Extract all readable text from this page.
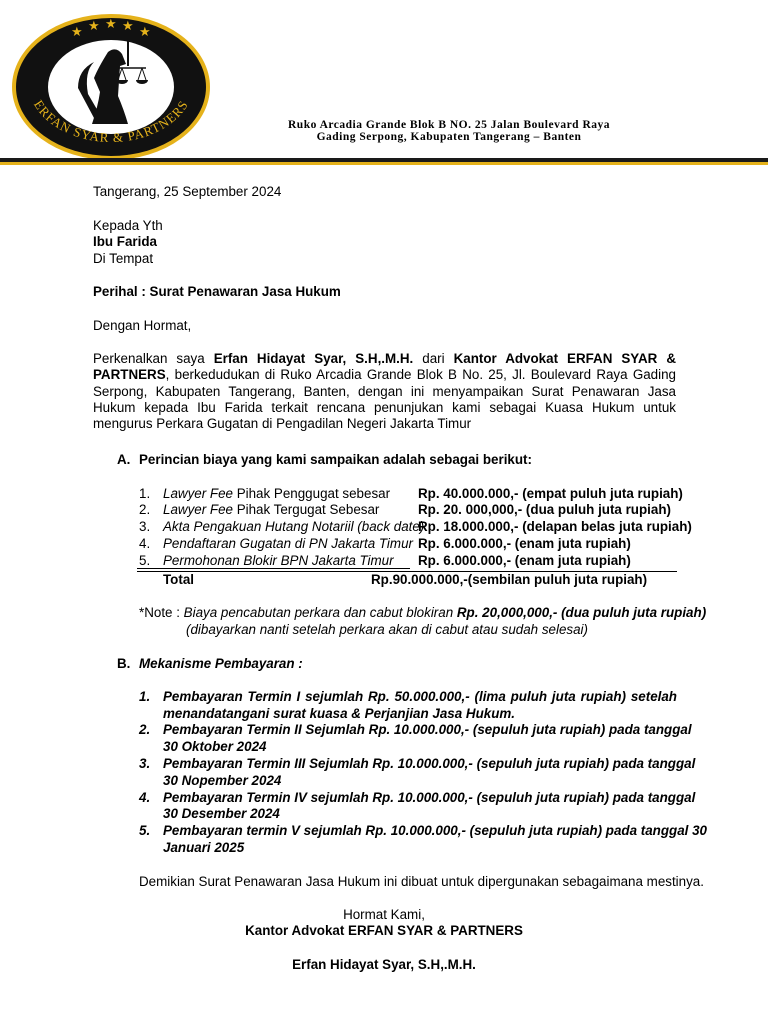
★ ★ ★ ★ ★
ERFAN SYAR & PARTNERS
Ruko Arcadia Grande Blok B NO. 25 Jalan Boulevard Raya
Gading Serpong, Kabupaten Tangerang – Banten
Tangerang, 25 September 2024
Kepada Yth
Ibu Farida
Di Tempat
Perihal : Surat Penawaran Jasa Hukum
Dengan Hormat,
Perkenalkan saya Erfan Hidayat Syar, S.H,.M.H. dari Kantor Advokat ERFAN SYAR & PARTNERS, berkedudukan di Ruko Arcadia Grande Blok B No. 25, Jl. Boulevard Raya Gading Serpong, Kabupaten Tangerang, Banten, dengan ini menyampaikan Surat Penawaran Jasa Hukum kepada Ibu Farida terkait rencana penunjukan kami sebagai Kuasa Hukum untuk mengurus Perkara Gugatan di Pengadilan Negeri Jakarta Timur
A. Perincian biaya yang kami sampaikan adalah sebagai berikut:
1. Lawyer Fee Pihak Penggugat sebesar Rp. 40.000.000,- (empat puluh juta rupiah)
2. Lawyer Fee Pihak Tergugat Sebesar	Rp. 20. 000,000,- (dua puluh juta rupiah)
3. Akta Pengakuan Hutang Notariil (back date)
Rp. 18.000.000,- (delapan belas juta rupiah)
4. Pendaftaran Gugatan di PN Jakarta Timur Rp. 6.000.000,- (enam juta rupiah)
5. Permohonan Blokir BPN Jakarta Timur Rp. 6.000.000,- (enam juta rupiah)
Total	Rp.90.000.000,-(sembilan puluh juta rupiah)
*Note : Biaya pencabutan perkara dan cabut blokiran Rp. 20,000,000,- (dua puluh juta rupiah)
(dibayarkan nanti setelah perkara akan di cabut atau sudah selesai)
B. Mekanisme Pembayaran :
1. Pembayaran Termin I sejumlah Rp. 50.000.000,- (lima puluh juta rupiah) setelah
menandatangani surat kuasa & Perjanjian Jasa Hukum.
2. Pembayaran Termin II Sejumlah Rp. 10.000.000,- (sepuluh juta rupiah) pada tanggal
30 Oktober 2024
3. Pembayaran Termin III Sejumlah Rp. 10.000.000,- (sepuluh juta rupiah) pada tanggal
30 Nopember 2024
4. Pembayaran Termin IV sejumlah Rp. 10.000.000,- (sepuluh juta rupiah) pada tanggal
30 Desember 2024
5. Pembayaran termin V sejumlah Rp. 10.000.000,- (sepuluh juta rupiah) pada tanggal 30
Januari 2025
Demikian Surat Penawaran Jasa Hukum ini dibuat untuk dipergunakan sebagaimana mestinya.
Hormat Kami,
Kantor Advokat ERFAN SYAR & PARTNERS
Erfan Hidayat Syar, S.H,.M.H.
